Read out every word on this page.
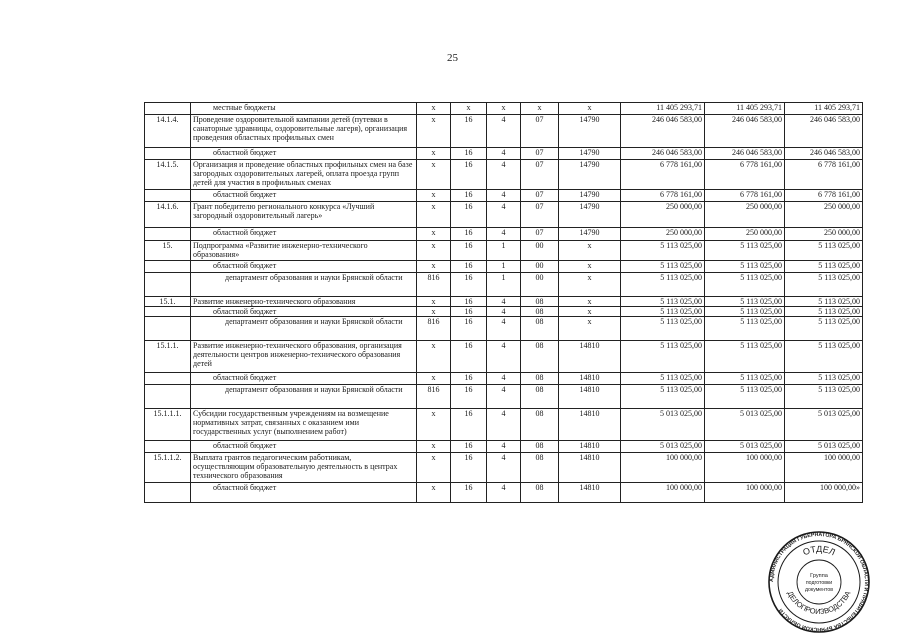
25
	местные бюджеты	х	х	х	х	х	11 405 293,71	11 405 293,71	11 405 293,71
14.1.4.	Проведение оздоровительной кампании детей (путевки в санаторные здравницы, оздоровительные лагеря), организация проведения областных профильных смен	х	16	4	07	14790	246 046 583,00	246 046 583,00	246 046 583,00
	областной бюджет	х	16	4	07	14790	246 046 583,00	246 046 583,00	246 046 583,00
14.1.5.	Организация и проведение областных профильных смен на базе загородных оздоровительных лагерей, оплата проезда групп детей для участия в профильных сменах	х	16	4	07	14790	6 778 161,00	6 778 161,00	6 778 161,00
	областной бюджет	х	16	4	07	14790	6 778 161,00	6 778 161,00	6 778 161,00
14.1.6.	Грант победителю регионального конкурса «Лучший загородный оздоровительный лагерь»	х	16	4	07	14790	250 000,00	250 000,00	250 000,00
	областной бюджет	х	16	4	07	14790	250 000,00	250 000,00	250 000,00
15.	Подпрограмма «Развитие инженерно-технического образования»	х	16	1	00	х	5 113 025,00	5 113 025,00	5 113 025,00
	областной бюджет	х	16	1	00	х	5 113 025,00	5 113 025,00	5 113 025,00
	департамент образования и науки Брянской области	816	16	1	00	х	5 113 025,00	5 113 025,00	5 113 025,00
15.1.	Развитие инженерно-технического образования	х	16	4	08	х	5 113 025,00	5 113 025,00	5 113 025,00
	областной бюджет	х	16	4	08	х	5 113 025,00	5 113 025,00	5 113 025,00
	департамент образования и науки Брянской области	816	16	4	08	х	5 113 025,00	5 113 025,00	5 113 025,00
15.1.1.	Развитие инженерно-технического образования, организация деятельности центров инженерно-технического образования детей	х	16	4	08	14810	5 113 025,00	5 113 025,00	5 113 025,00
	областной бюджет	х	16	4	08	14810	5 113 025,00	5 113 025,00	5 113 025,00
	департамент образования и науки Брянской области	816	16	4	08	14810	5 113 025,00	5 113 025,00	5 113 025,00
15.1.1.1.	Субсидии государственным учреждениям на возмещение нормативных затрат, связанных с оказанием ими государственных услуг (выполнением работ)	х	16	4	08	14810	5 013 025,00	5 013 025,00	5 013 025,00
	областной бюджет	х	16	4	08	14810	5 013 025,00	5 013 025,00	5 013 025,00
15.1.1.2.	Выплата грантов педагогическим работникам, осуществляющим образовательную деятельность в центрах технического образования	х	16	4	08	14810	100 000,00	100 000,00	100 000,00
	областной бюджет	х	16	4	08	14810	100 000,00	100 000,00	100 000,00»
АДМИНИСТРАЦИЯ ГУБЕРНАТОРА БРЯНСКОЙ ОБЛАСТИ И ПРАВИТЕЛЬСТВА БРЯНСКОЙ ОБЛАСТИ
ОТДЕЛ
ДЕЛОПРОИЗВОДСТВА
Группа
подготовки
документов
